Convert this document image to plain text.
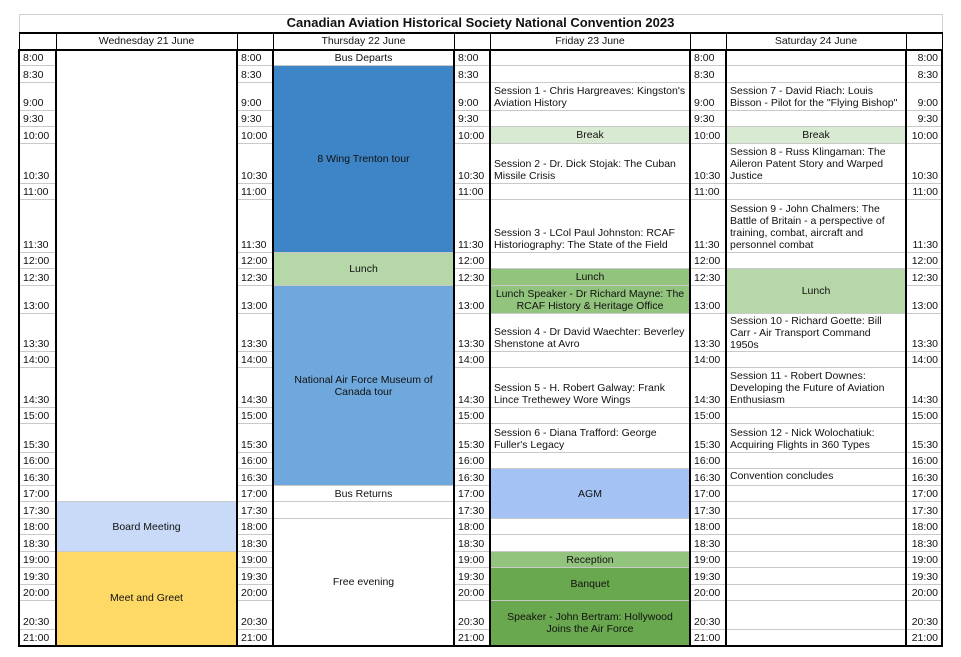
Canadian Aviation Historical Society National Convention 2023								
	Wednesday 21 June		Thursday 22 June		Friday 23 June		Saturday 24 June	
8:00		8:00	Bus Departs	8:00		8:00		8:00
8:30		8:30	8 Wing Trenton tour	8:30		8:30		8:30
9:00		9:00		9:00	Session 1 - Chris Hargreaves: Kingston's Aviation History	9:00	Session 7 - David Riach: Louis Bisson - Pilot for the "Flying Bishop"	9:00
9:30		9:30		9:30		9:30		9:30
10:00		10:00		10:00	Break	10:00	Break	10:00
10:30		10:30		10:30	Session 2 - Dr. Dick Stojak: The Cuban Missile Crisis	10:30	Session 8 - Russ Klingaman: The Aileron Patent Story and Warped Justice	10:30
11:00		11:00		11:00		11:00		11:00
11:30		11:30		11:30	Session 3 - LCol Paul Johnston: RCAF Historiography: The State of the Field	11:30	Session 9 - John Chalmers: The Battle of Britain - a perspective of training, combat, aircraft and personnel combat	11:30
12:00		12:00	Lunch	12:00		12:00		12:00
12:30		12:30		12:30	Lunch	12:30	Lunch	12:30
13:00		13:00	National Air Force Museum of Canada tour	13:00	Lunch Speaker - Dr Richard Mayne: The RCAF History & Heritage Office	13:00		13:00
13:30		13:30		13:30	Session 4 - Dr David Waechter: Beverley Shenstone at Avro	13:30	Session 10 - Richard Goette: Bill Carr - Air Transport Command 1950s	13:30
14:00		14:00		14:00		14:00		14:00
14:30		14:30		14:30	Session 5 - H. Robert Galway: Frank Lince Trethewey Wore Wings	14:30	Session 11 - Robert Downes: Developing the Future of Aviation Enthusiasm	14:30
15:00		15:00		15:00		15:00		15:00
15:30		15:30		15:30	Session 6 - Diana Trafford: George Fuller's Legacy	15:30	Session 12 - Nick Wolochatiuk: Acquiring Flights in 360 Types	15:30
16:00		16:00		16:00		16:00		16:00
16:30		16:30		16:30	AGM	16:30	Convention concludes	16:30
17:00		17:00	Bus Returns	17:00		17:00		17:00
17:30	Board Meeting	17:30		17:30		17:30		17:30
18:00		18:00	Free evening	18:00		18:00		18:00
18:30		18:30		18:30		18:30		18:30
19:00	Meet and Greet	19:00		19:00	Reception	19:00		19:00
19:30		19:30		19:30	Banquet	19:30		19:30
20:00		20:00		20:00		20:00		20:00
20:30		20:30		20:30	Speaker - John Bertram: Hollywood Joins the Air Force	20:30		20:30
21:00		21:00		21:00		21:00		21:00
